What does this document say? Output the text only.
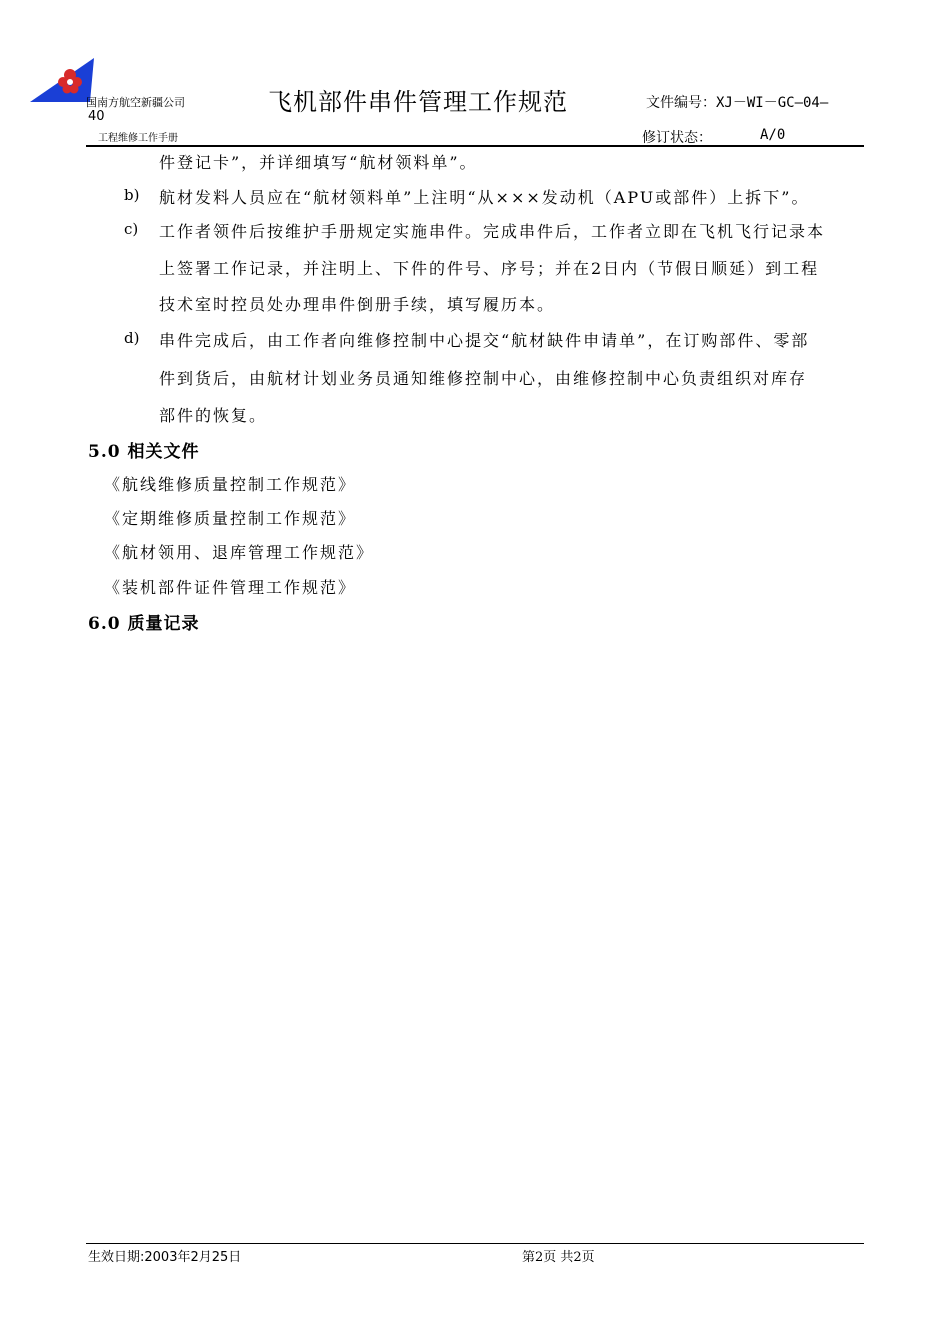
国南方航空新疆公司	飞机部件串件管理工作规范	文件编号：XJ－WI－GC—04—
40
工程维修工作手册	修订状态：	A/0
件登记卡”，并详细填写“航材领料单”。
b) 航材发料人员应在“航材领料单”上注明“从×××发动机（APU或部件）上拆下”。
c) 工作者领件后按维护手册规定实施串件。完成串件后，工作者立即在飞机飞行记录本
上签署工作记录，并注明上、下件的件号、序号；并在2日内（节假日顺延）到工程
技术室时控员处办理串件倒册手续，填写履历本。
d) 串件完成后，由工作者向维修控制中心提交“航材缺件申请单”，在订购部件、零部
件到货后，由航材计划业务员通知维修控制中心，由维修控制中心负责组织对库存
部件的恢复。
5.0 相关文件
《航线维修质量控制工作规范》
《定期维修质量控制工作规范》
《航材领用、退库管理工作规范》
《装机部件证件管理工作规范》
6.0 质量记录
生效日期:2003年2月25日	第2页 共2页
